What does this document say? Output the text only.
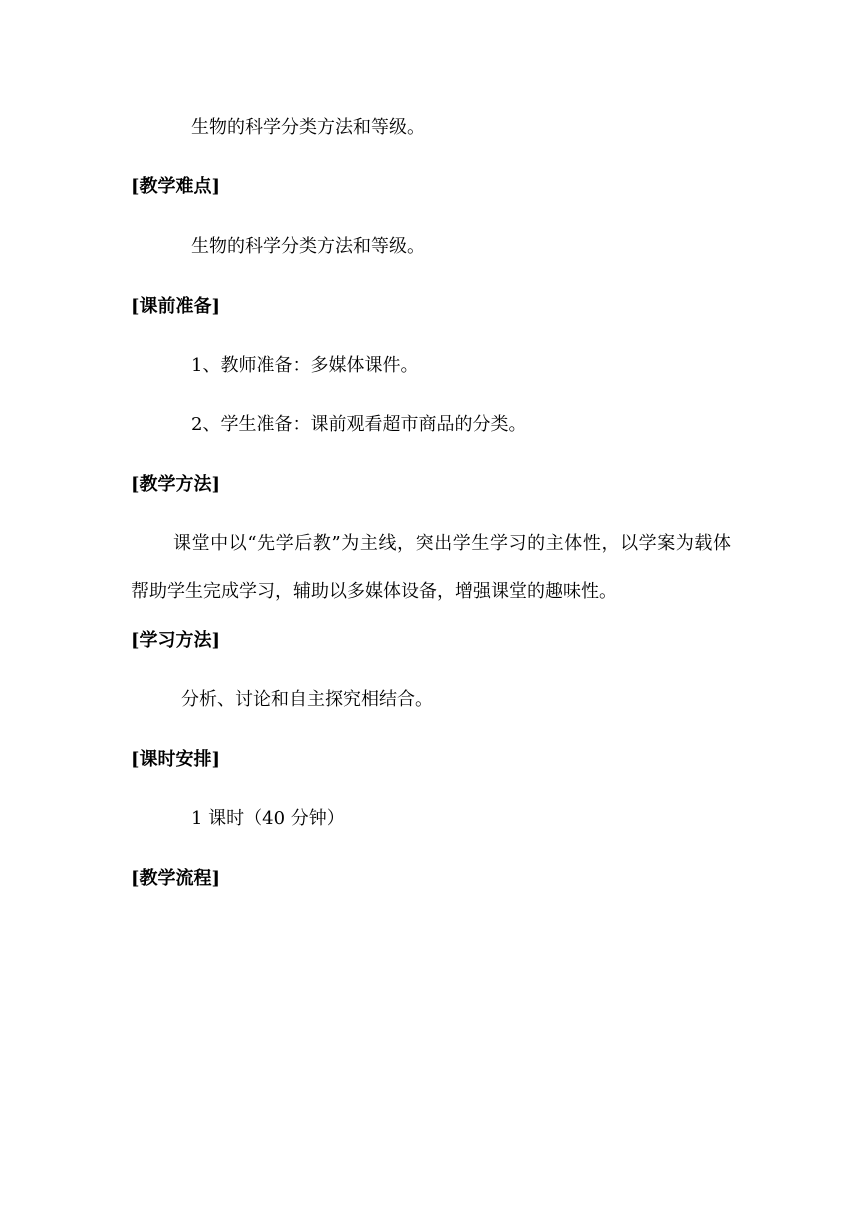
生物的科学分类方法和等级。
[教学难点]
生物的科学分类方法和等级。
[课前准备]
1、教师准备：多媒体课件。
2、学生准备：课前观看超市商品的分类。
[教学方法]
课堂中以“先学后教”为主线，突出学生学习的主体性，以学案为载体帮助学生完成学习，辅助以多媒体设备，增强课堂的趣味性。
[学习方法]
分析、讨论和自主探究相结合。
[课时安排]
1 课时（40 分钟）
[教学流程]
